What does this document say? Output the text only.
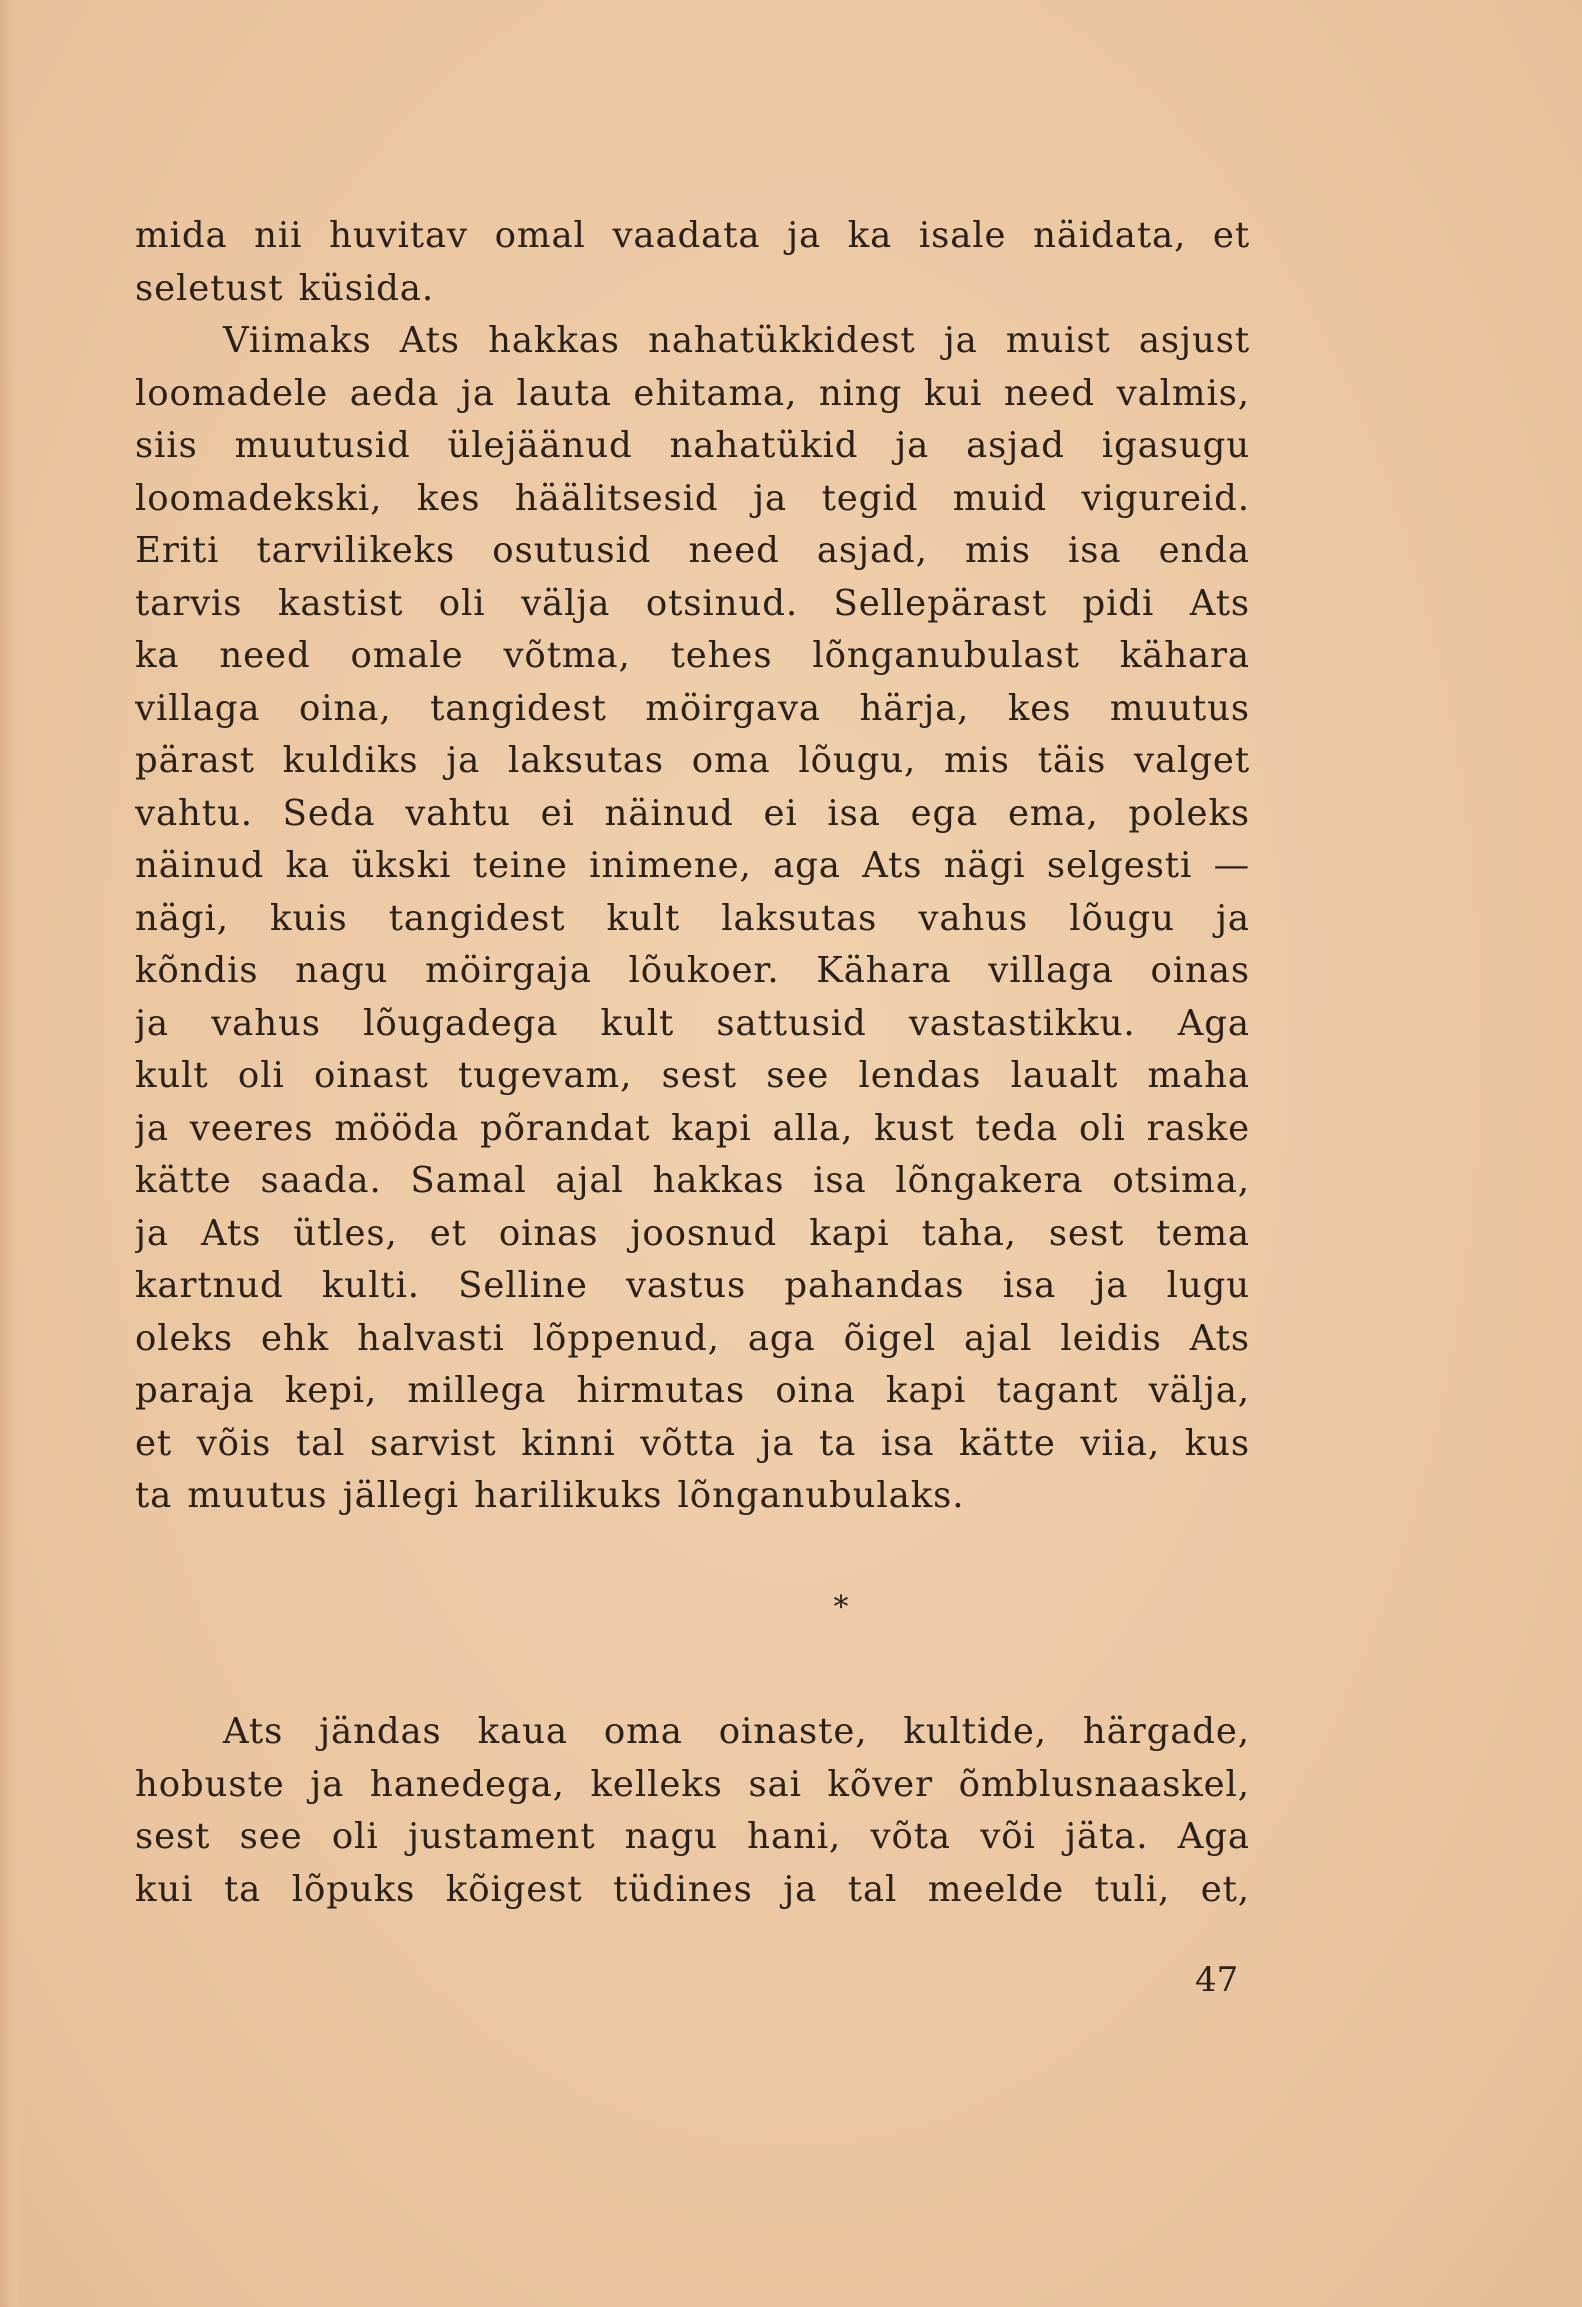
mida nii huvitav omal vaadata ja ka isale näidata, et
seletust küsida.
Viimaks Ats hakkas nahatükkidest ja muist asjust
loomadele aeda ja lauta ehitama, ning kui need valmis,
siis muutusid ülejäänud nahatükid ja asjad igasugu
loomadekski, kes häälitsesid ja tegid muid vigureid.
Eriti tarvilikeks osutusid need asjad, mis isa enda
tarvis kastist oli välja otsinud. Sellepärast pidi Ats
ka need omale võtma, tehes lõnganubulast kähara
villaga oina, tangidest möirgava härja, kes muutus
pärast kuldiks ja laksutas oma lõugu, mis täis valget
vahtu. Seda vahtu ei näinud ei isa ega ema, poleks
näinud ka ükski teine inimene, aga Ats nägi selgesti —
nägi, kuis tangidest kult laksutas vahus lõugu ja
kõndis nagu möirgaja lõukoer. Kähara villaga oinas
ja vahus lõugadega kult sattusid vastastikku. Aga
kult oli oinast tugevam, sest see lendas laualt maha
ja veeres mööda põrandat kapi alla, kust teda oli raske
kätte saada. Samal ajal hakkas isa lõngakera otsima,
ja Ats ütles, et oinas joosnud kapi taha, sest tema
kartnud kulti. Selline vastus pahandas isa ja lugu
oleks ehk halvasti lõppenud, aga õigel ajal leidis Ats
paraja kepi, millega hirmutas oina kapi tagant välja,
et võis tal sarvist kinni võtta ja ta isa kätte viia, kus
ta muutus jällegi harilikuks lõnganubulaks.
*
Ats jändas kaua oma oinaste, kultide, härgade,
hobuste ja hanedega, kelleks sai kõver õmblusnaaskel,
sest see oli justament nagu hani, võta või jäta. Aga
kui ta lõpuks kõigest tüdines ja tal meelde tuli, et,
47
